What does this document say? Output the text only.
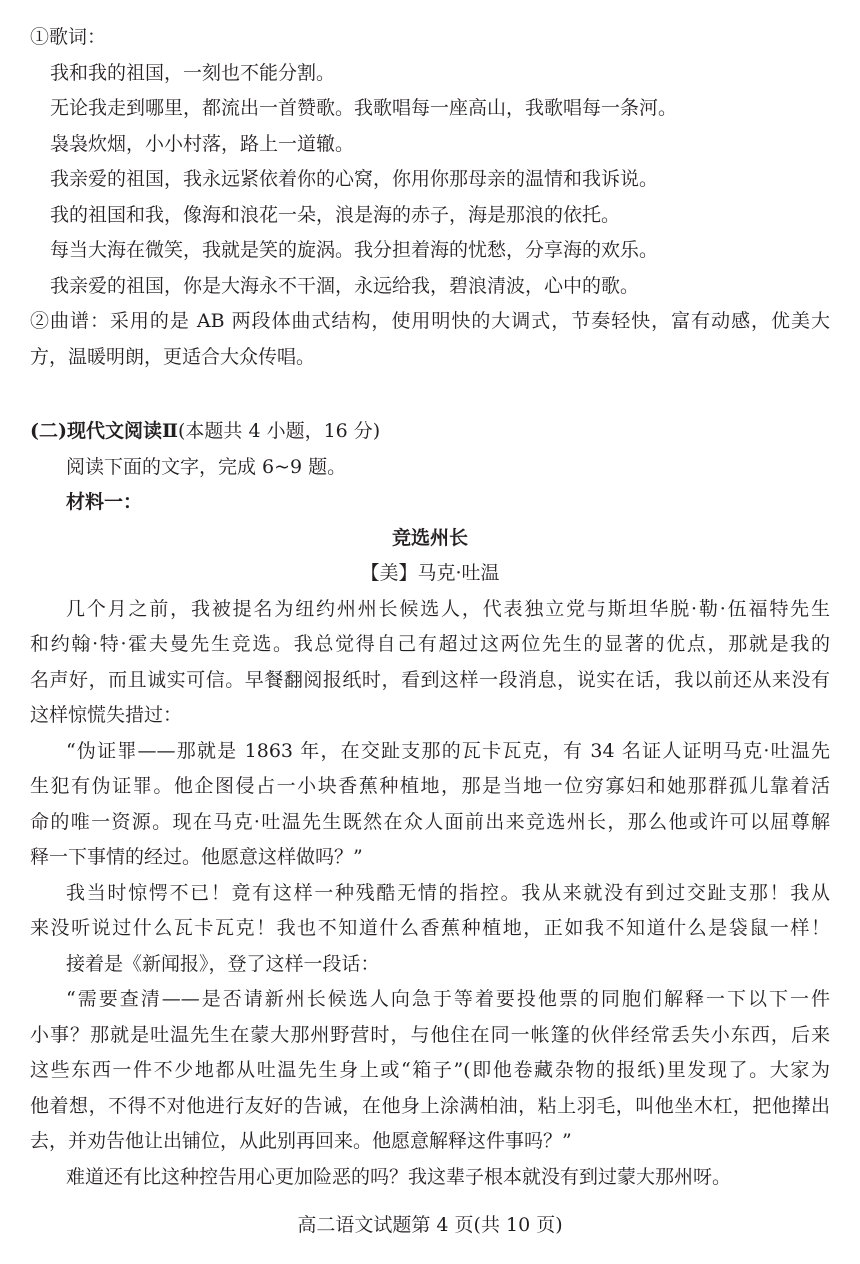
①歌词：
我和我的祖国，一刻也不能分割。
无论我走到哪里，都流出一首赞歌。我歌唱每一座高山，我歌唱每一条河。
袅袅炊烟，小小村落，路上一道辙。
我亲爱的祖国，我永远紧依着你的心窝，你用你那母亲的温情和我诉说。
我的祖国和我，像海和浪花一朵，浪是海的赤子，海是那浪的依托。
每当大海在微笑，我就是笑的旋涡。我分担着海的忧愁，分享海的欢乐。
我亲爱的祖国，你是大海永不干涸，永远给我，碧浪清波，心中的歌。
②曲谱：采用的是 AB 两段体曲式结构，使用明快的大调式，节奏轻快，富有动感，优美大
方，温暖明朗，更适合大众传唱。
(二)现代文阅读Ⅱ(本题共 4 小题，16 分)
阅读下面的文字，完成 6~9 题。
材料一：
竞选州长
【美】马克·吐温
几个月之前，我被提名为纽约州州长候选人，代表独立党与斯坦华脱·勒·伍福特先生
和约翰·特·霍夫曼先生竞选。我总觉得自己有超过这两位先生的显著的优点，那就是我的
名声好，而且诚实可信。早餐翻阅报纸时，看到这样一段消息，说实在话，我以前还从来没有
这样惊慌失措过：
“伪证罪——那就是 1863 年，在交趾支那的瓦卡瓦克，有 34 名证人证明马克·吐温先
生犯有伪证罪。他企图侵占一小块香蕉种植地，那是当地一位穷寡妇和她那群孤儿靠着活
命的唯一资源。现在马克·吐温先生既然在众人面前出来竞选州长，那么他或许可以屈尊解
释一下事情的经过。他愿意这样做吗？”
我当时惊愕不已！竟有这样一种残酷无情的指控。我从来就没有到过交趾支那！我从
来没听说过什么瓦卡瓦克！我也不知道什么香蕉种植地，正如我不知道什么是袋鼠一样！
接着是《新闻报》，登了这样一段话：
“需要查清——是否请新州长候选人向急于等着要投他票的同胞们解释一下以下一件
小事？那就是吐温先生在蒙大那州野营时，与他住在同一帐篷的伙伴经常丢失小东西，后来
这些东西一件不少地都从吐温先生身上或“箱子”(即他卷藏杂物的报纸)里发现了。大家为
他着想，不得不对他进行友好的告诫，在他身上涂满柏油，粘上羽毛，叫他坐木杠，把他撵出
去，并劝告他让出铺位，从此别再回来。他愿意解释这件事吗？”
难道还有比这种控告用心更加险恶的吗？我这辈子根本就没有到过蒙大那州呀。
高二语文试题第 4 页(共 10 页)
